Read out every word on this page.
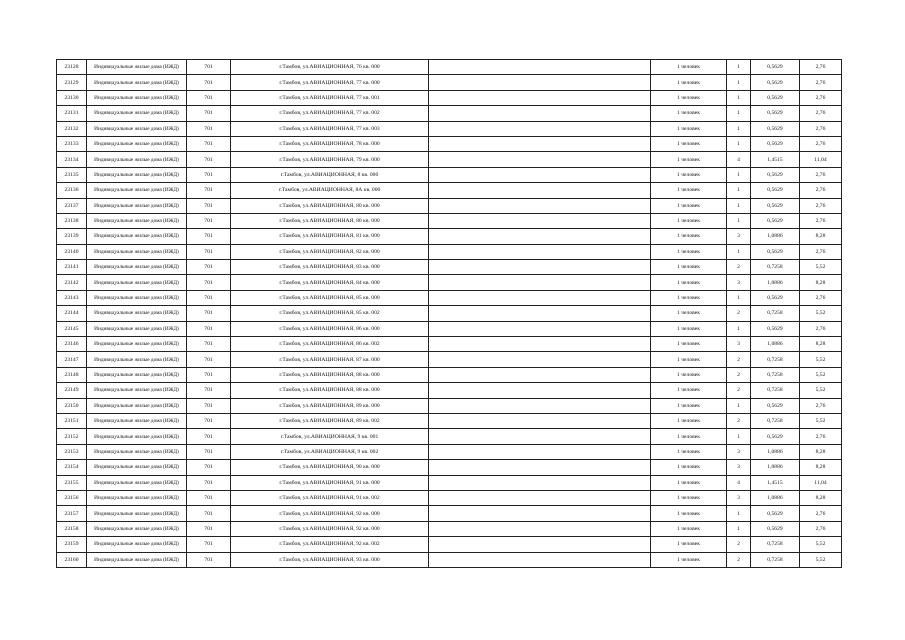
23128	Индивидуальные жилые дома (ИЖД)	701	г.Тамбов, ул.АВИАЦИОННАЯ, 76 кв. 000		1 человек	1	0,5629	2,76
23129	Индивидуальные жилые дома (ИЖД)	701	г.Тамбов, ул.АВИАЦИОННАЯ, 77 кв. 000		1 человек	1	0,5629	2,76
23130	Индивидуальные жилые дома (ИЖД)	701	г.Тамбов, ул.АВИАЦИОННАЯ, 77 кв. 001		1 человек	1	0,5629	2,76
23131	Индивидуальные жилые дома (ИЖД)	701	г.Тамбов, ул.АВИАЦИОННАЯ, 77 кв. 002		1 человек	1	0,5629	2,76
23132	Индивидуальные жилые дома (ИЖД)	701	г.Тамбов, ул.АВИАЦИОННАЯ, 77 кв. 003		1 человек	1	0,5629	2,76
23133	Индивидуальные жилые дома (ИЖД)	701	г.Тамбов, ул.АВИАЦИОННАЯ, 78 кв. 000		1 человек	1	0,5629	2,76
23134	Индивидуальные жилые дома (ИЖД)	701	г.Тамбов, ул.АВИАЦИОННАЯ, 79 кв. 000		1 человек	4	1,4515	11,04
23135	Индивидуальные жилые дома (ИЖД)	701	г.Тамбов, ул.АВИАЦИОННАЯ, 8 кв. 000		1 человек	1	0,5629	2,76
23136	Индивидуальные жилые дома (ИЖД)	701	г.Тамбов, ул.АВИАЦИОННАЯ, 8А кв. 000		1 человек	1	0,5629	2,76
23137	Индивидуальные жилые дома (ИЖД)	701	г.Тамбов, ул.АВИАЦИОННАЯ, 80 кв. 000		1 человек	1	0,5629	2,76
23138	Индивидуальные жилые дома (ИЖД)	701	г.Тамбов, ул.АВИАЦИОННАЯ, 80 кв. 000		1 человек	1	0,5629	2,76
23139	Индивидуальные жилые дома (ИЖД)	701	г.Тамбов, ул.АВИАЦИОННАЯ, 81 кв. 000		1 человек	3	1,0886	8,28
23140	Индивидуальные жилые дома (ИЖД)	701	г.Тамбов, ул.АВИАЦИОННАЯ, 82 кв. 000		1 человек	1	0,5629	2,76
23141	Индивидуальные жилые дома (ИЖД)	701	г.Тамбов, ул.АВИАЦИОННАЯ, 83 кв. 000		1 человек	2	0,7258	5,52
23142	Индивидуальные жилые дома (ИЖД)	701	г.Тамбов, ул.АВИАЦИОННАЯ, 84 кв. 000		1 человек	3	1,0886	8,28
23143	Индивидуальные жилые дома (ИЖД)	701	г.Тамбов, ул.АВИАЦИОННАЯ, 85 кв. 000		1 человек	1	0,5629	2,76
23144	Индивидуальные жилые дома (ИЖД)	701	г.Тамбов, ул.АВИАЦИОННАЯ, 85 кв. 002		1 человек	2	0,7258	5,52
23145	Индивидуальные жилые дома (ИЖД)	701	г.Тамбов, ул.АВИАЦИОННАЯ, 86 кв. 000		1 человек	1	0,5629	2,76
23146	Индивидуальные жилые дома (ИЖД)	701	г.Тамбов, ул.АВИАЦИОННАЯ, 86 кв. 002		1 человек	3	1,0886	8,28
23147	Индивидуальные жилые дома (ИЖД)	701	г.Тамбов, ул.АВИАЦИОННАЯ, 87 кв. 000		1 человек	2	0,7258	5,52
23148	Индивидуальные жилые дома (ИЖД)	701	г.Тамбов, ул.АВИАЦИОННАЯ, 88 кв. 000		1 человек	2	0,7258	5,52
23149	Индивидуальные жилые дома (ИЖД)	701	г.Тамбов, ул.АВИАЦИОННАЯ, 88 кв. 000		1 человек	2	0,7258	5,52
23150	Индивидуальные жилые дома (ИЖД)	701	г.Тамбов, ул.АВИАЦИОННАЯ, 89 кв. 000		1 человек	1	0,5629	2,76
23151	Индивидуальные жилые дома (ИЖД)	701	г.Тамбов, ул.АВИАЦИОННАЯ, 89 кв. 002		1 человек	2	0,7258	5,52
23152	Индивидуальные жилые дома (ИЖД)	701	г.Тамбов, ул.АВИАЦИОННАЯ, 9 кв. 001		1 человек	1	0,5629	2,76
23153	Индивидуальные жилые дома (ИЖД)	701	г.Тамбов, ул.АВИАЦИОННАЯ, 9 кв. 002		1 человек	3	1,0886	8,28
23154	Индивидуальные жилые дома (ИЖД)	701	г.Тамбов, ул.АВИАЦИОННАЯ, 90 кв. 000		1 человек	3	1,0886	8,28
23155	Индивидуальные жилые дома (ИЖД)	701	г.Тамбов, ул.АВИАЦИОННАЯ, 91 кв. 000		1 человек	4	1,4515	11,04
23156	Индивидуальные жилые дома (ИЖД)	701	г.Тамбов, ул.АВИАЦИОННАЯ, 91 кв. 002		1 человек	3	1,0886	8,28
23157	Индивидуальные жилые дома (ИЖД)	701	г.Тамбов, ул.АВИАЦИОННАЯ, 92 кв. 000		1 человек	1	0,5629	2,76
23158	Индивидуальные жилые дома (ИЖД)	701	г.Тамбов, ул.АВИАЦИОННАЯ, 92 кв. 000		1 человек	1	0,5629	2,76
23159	Индивидуальные жилые дома (ИЖД)	701	г.Тамбов, ул.АВИАЦИОННАЯ, 92 кв. 002		1 человек	2	0,7258	5,52
23160	Индивидуальные жилые дома (ИЖД)	701	г.Тамбов, ул.АВИАЦИОННАЯ, 93 кв. 000		1 человек	2	0,7258	5,52
